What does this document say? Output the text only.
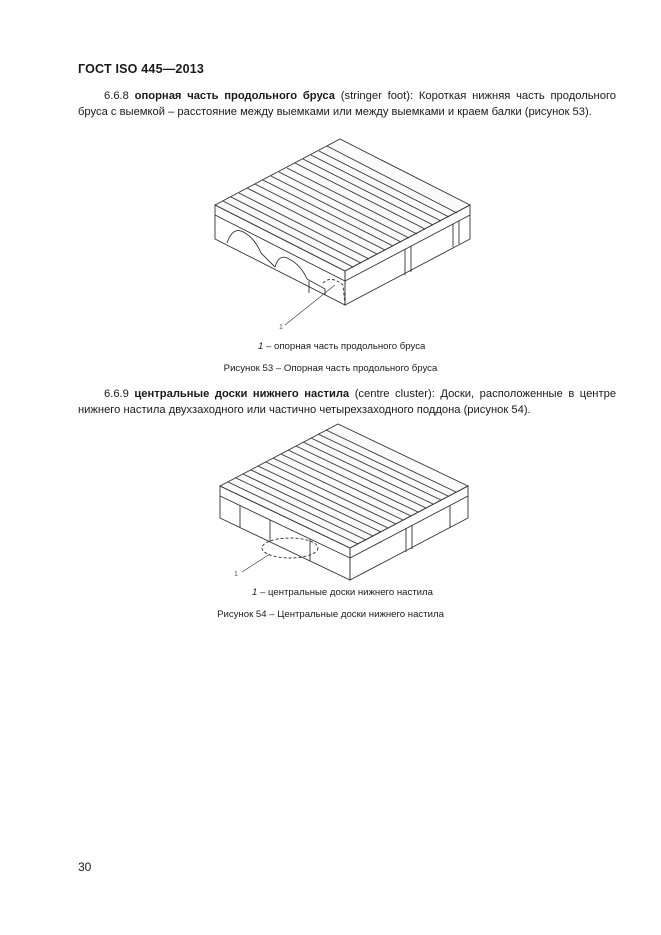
ГОСТ ISO 445—2013
6.6.8 опорная часть продольного бруса (stringer foot): Короткая нижняя часть продольного бруса с выемкой – расстояние между выемками или между выемками и краем балки (рисунок 53).
1
1 – опорная часть продольного бруса
Рисунок 53 – Опорная часть продольного бруса
6.6.9 центральные доски нижнего настила (centre cluster): Доски, расположенные в центре нижнего настила двухзаходного или частично четырехзаходного поддона (рисунок 54).
1
1 – центральные доски нижнего настила
Рисунок 54 – Центральные доски нижнего настила
30
